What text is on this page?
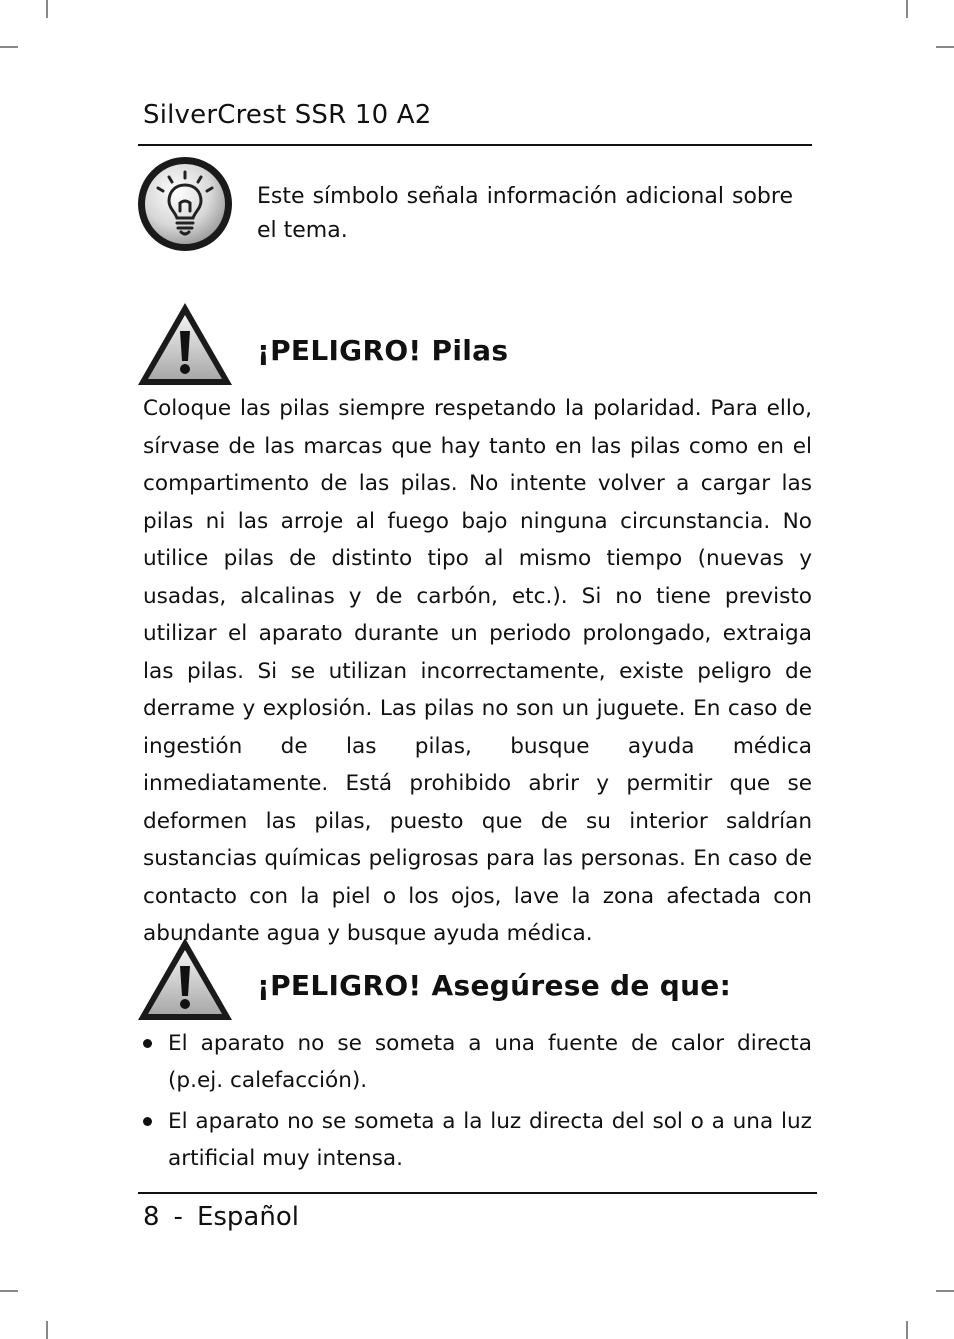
SilverCrest SSR 10 A2
Este símbolo señala información adicional sobre el tema.
¡PELIGRO! Pilas

Coloque las pilas siempre respetando la polaridad. Para ello, sírvase de las marcas que hay tanto en las pilas como en el compartimento de las pilas. No intente volver a cargar las pilas ni las arroje al fuego bajo ninguna circunstancia. No utilice pilas de distinto tipo al mismo tiempo (nuevas y usadas, alcalinas y de carbón, etc.). Si no tiene previsto utilizar el aparato durante un periodo prolongado, extraiga las pilas. Si se utilizan incorrectamente, existe peligro de derrame y explosión. Las pilas no son un juguete. En caso de ingestión de las pilas, busque ayuda médica inmediatamente. Está prohibido abrir y permitir que se deformen las pilas, puesto que de su interior saldrían sustancias químicas peligrosas para las personas. En caso de contacto con la piel o los ojos, lave la zona afectada con abundante agua y busque ayuda médica.

¡PELIGRO! Asegúrese de que:
El aparato no se someta a una fuente de calor directa (p.ej. calefacción).
El aparato no se someta a la luz directa del sol o a una luz artificial muy intensa.
8 - Español
